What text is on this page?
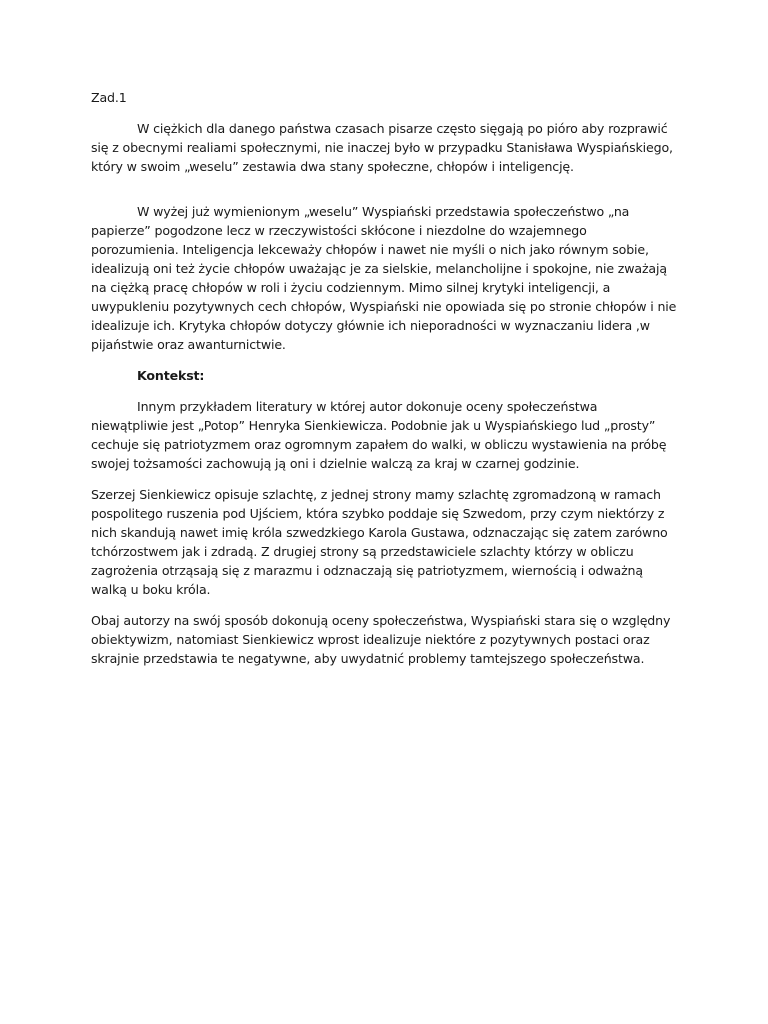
Zad.1

W ciężkich dla danego państwa czasach pisarze często sięgają po pióro aby rozprawić się z obecnymi realiami społecznymi, nie inaczej było w przypadku Stanisława Wyspiańskiego, który w swoim „weselu” zestawia dwa stany społeczne, chłopów i inteligencję.

W wyżej już wymienionym „weselu” Wyspiański przedstawia społeczeństwo „na papierze” pogodzone lecz w rzeczywistości skłócone i niezdolne do wzajemnego porozumienia. Inteligencja lekceważy chłopów i nawet nie myśli o nich jako równym sobie, idealizują oni też życie chłopów uważając je za sielskie, melancholijne i spokojne, nie zważają na ciężką pracę chłopów w roli i życiu codziennym. Mimo silnej krytyki inteligencji, a uwypukleniu pozytywnych cech chłopów, Wyspiański nie opowiada się po stronie chłopów i nie idealizuje ich. Krytyka chłopów dotyczy głównie ich nieporadności w wyznaczaniu lidera ,w pijaństwie oraz awanturnictwie.

Kontekst:

Innym przykładem literatury w której autor dokonuje oceny społeczeństwa niewątpliwie jest „Potop” Henryka Sienkiewicza. Podobnie jak u Wyspiańskiego lud „prosty” cechuje się patriotyzmem oraz ogromnym zapałem do walki, w obliczu wystawienia na próbę swojej tożsamości zachowują ją oni i dzielnie walczą za kraj w czarnej godzinie.

Szerzej Sienkiewicz opisuje szlachtę, z jednej strony mamy szlachtę zgromadzoną w ramach pospolitego ruszenia pod Ujściem, która szybko poddaje się Szwedom, przy czym niektórzy z nich skandują nawet imię króla szwedzkiego Karola Gustawa, odznaczając się zatem zarówno tchórzostwem jak i zdradą. Z drugiej strony są przedstawiciele szlachty którzy w obliczu zagrożenia otrząsają się z marazmu i odznaczają się patriotyzmem, wiernością i odważną walką u boku króla.

Obaj autorzy na swój sposób dokonują oceny społeczeństwa, Wyspiański stara się o względny obiektywizm, natomiast Sienkiewicz wprost idealizuje niektóre z pozytywnych postaci oraz skrajnie przedstawia te negatywne, aby uwydatnić problemy tamtejszego społeczeństwa.
